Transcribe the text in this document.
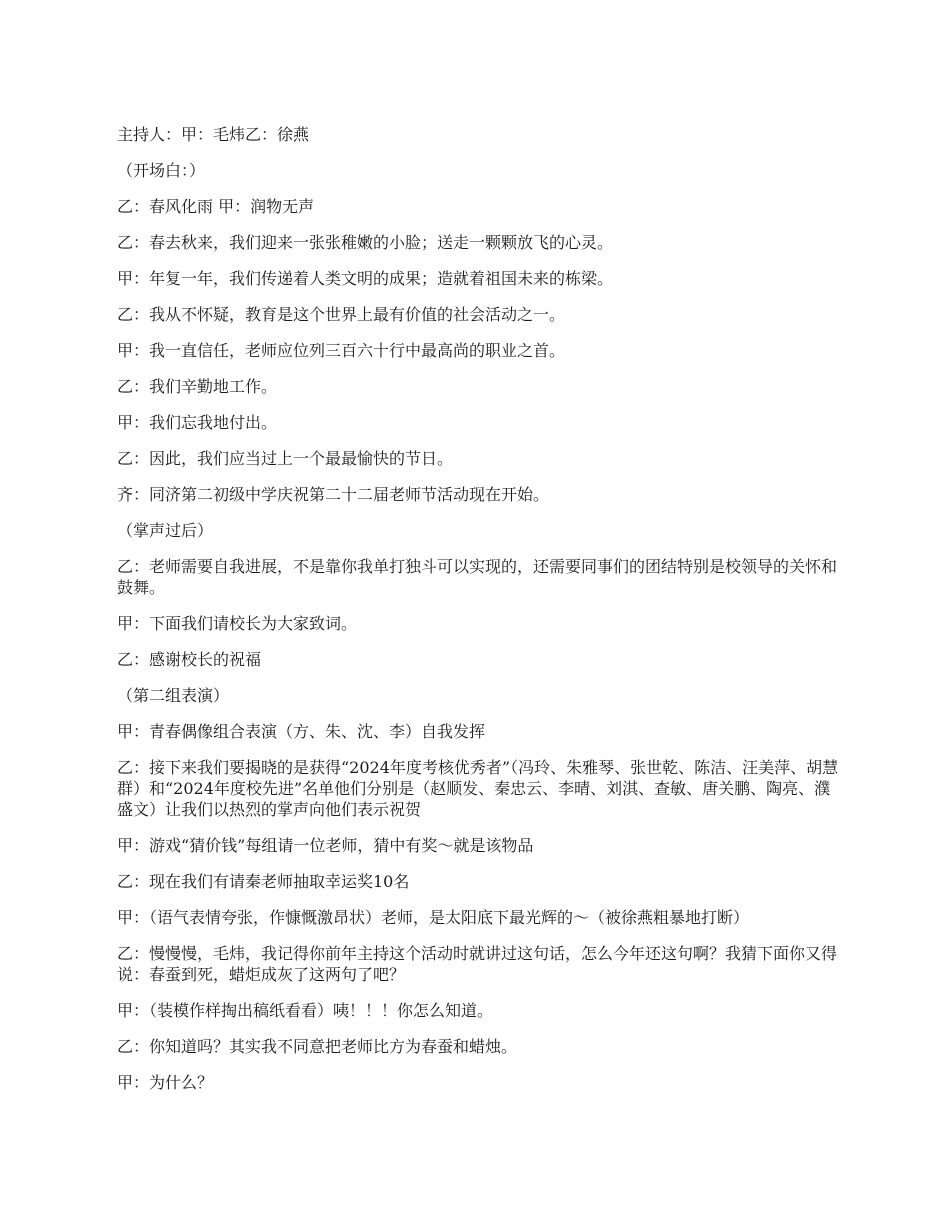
主持人：甲：毛炜乙：徐燕

（开场白：）

乙：春风化雨 甲：润物无声

乙：春去秋来，我们迎来一张张稚嫩的小脸；送走一颗颗放飞的心灵。

甲：年复一年，我们传递着人类文明的成果；造就着祖国未来的栋梁。

乙：我从不怀疑，教育是这个世界上最有价值的社会活动之一。

甲：我一直信任，老师应位列三百六十行中最高尚的职业之首。

乙：我们辛勤地工作。

甲：我们忘我地付出。

乙：因此，我们应当过上一个最最愉快的节日。

齐：同济第二初级中学庆祝第二十二届老师节活动现在开始。

（掌声过后）

乙：老师需要自我进展，不是靠你我单打独斗可以实现的，还需要同事们的团结特别是校领导的关怀和鼓舞。

甲：下面我们请校长为大家致词。

乙：感谢校长的祝福

（第二组表演）

甲：青春偶像组合表演（方、朱、沈、李）自我发挥

乙：接下来我们要揭晓的是获得“2024年度考核优秀者”（冯玲、朱雅琴、张世乾、陈洁、汪美萍、胡慧群）和“2024年度校先进”名单他们分别是（赵顺发、秦忠云、李晴、刘淇、查敏、唐关鹏、陶亮、濮盛文）让我们以热烈的掌声向他们表示祝贺

甲：游戏“猜价钱”每组请一位老师，猜中有奖～就是该物品

乙：现在我们有请秦老师抽取幸运奖10名

甲：（语气表情夸张，作慷慨激昂状）老师，是太阳底下最光辉的～（被徐燕粗暴地打断）

乙：慢慢慢，毛炜，我记得你前年主持这个活动时就讲过这句话，怎么今年还这句啊？我猜下面你又得说：春蚕到死，蜡炬成灰了这两句了吧？

甲：（装模作样掏出稿纸看看）咦！！！你怎么知道。

乙：你知道吗？其实我不同意把老师比方为春蚕和蜡烛。

甲：为什么？
